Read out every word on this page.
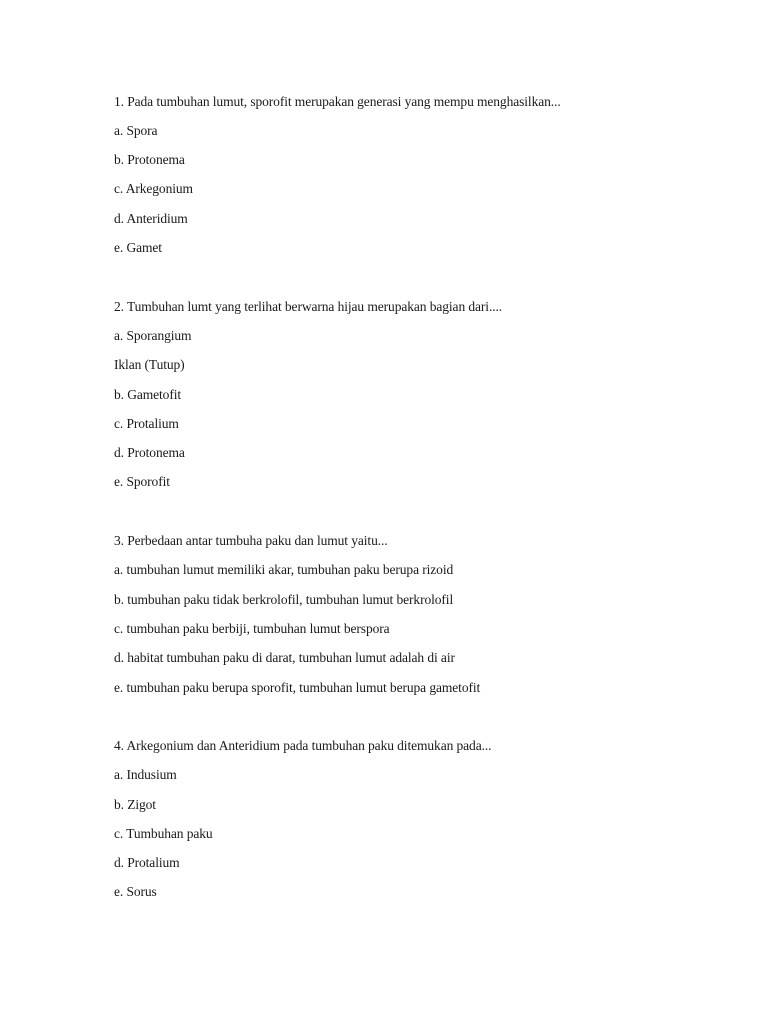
1. Pada tumbuhan lumut, sporofit merupakan generasi yang mempu menghasilkan...
a. Spora
b. Protonema
c. Arkegonium
d. Anteridium
e. Gamet
2. Tumbuhan lumt yang terlihat berwarna hijau merupakan bagian dari....
a. Sporangium
Iklan (Tutup)
b. Gametofit
c. Protalium
d. Protonema
e. Sporofit
3. Perbedaan antar tumbuha paku dan lumut yaitu...
a. tumbuhan lumut memiliki akar, tumbuhan paku berupa rizoid
b. tumbuhan paku tidak berkrolofil, tumbuhan lumut berkrolofil
c. tumbuhan paku berbiji, tumbuhan lumut berspora
d. habitat tumbuhan paku di darat, tumbuhan lumut adalah di air
e. tumbuhan paku berupa sporofit, tumbuhan lumut berupa gametofit
4. Arkegonium dan Anteridium pada tumbuhan paku ditemukan pada...
a. Indusium
b. Zigot
c. Tumbuhan paku
d. Protalium
e. Sorus
